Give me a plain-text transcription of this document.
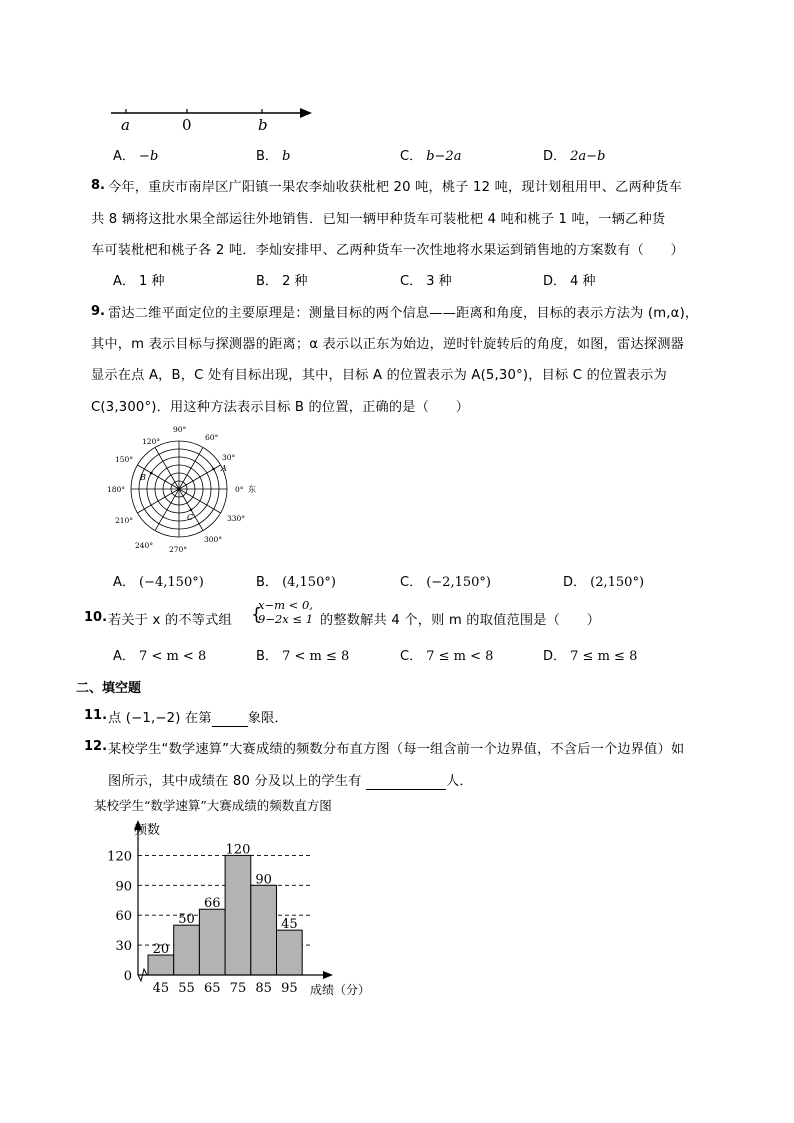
a	0	b
A． −b	B． b	C． b−2a	D． 2a−b
8. 今年，重庆市南岸区广阳镇一果农李灿收获枇杷 20 吨，桃子 12 吨，现计划租用甲、乙两种货车
共 8 辆将这批水果全部运往外地销售．已知一辆甲种货车可装枇杷 4 吨和桃子 1 吨，一辆乙种货
车可装枇杷和桃子各 2 吨．李灿安排甲、乙两种货车一次性地将水果运到销售地的方案数有（　　）
A． 1 种	B． 2 种	C． 3 种	D． 4 种
9. 雷达二维平面定位的主要原理是：测量目标的两个信息——距离和角度，目标的表示方法为 (m,α)，
其中，m 表示目标与探测器的距离；α 表示以正东为始边，逆时针旋转后的角度，如图，雷达探测器
显示在点 A，B，C 处有目标出现，其中，目标 A 的位置表示为 A(5,30°)，目标 C 的位置表示为
C(3,300°)．用这种方法表示目标 B 的位置，正确的是（　　）
90°
60°
30°
0° 东
330°
300°
270°
240°
210°
180°
150°
120°
A
B
C
A． (−4,150°)	B． (4,150°)	C． (−2,150°)	D． (2,150°)
10. 若关于 x 的不等式组 {
x−m < 0,
9−2x ≤ 1 的整数解共 4 个，则 m 的取值范围是（　　）
A． 7 < m < 8	B． 7 < m ≤ 8	C． 7 ≤ m < 8	D． 7 ≤ m ≤ 8
二、填空题
11. 点 (−1,−2) 在第	象限．
12. 某校学生“数学速算”大赛成绩的频数分布直方图（每一组含前一个边界值，不含后一个边界值）如
图所示，其中成绩在 80 分及以上的学生有	人．
某校学生“数学速算”大赛成绩的频数直方图
20
45
50
55
66
65
120
75
90
85
45
95
0
30
60
90
120
频数
成绩（分）
